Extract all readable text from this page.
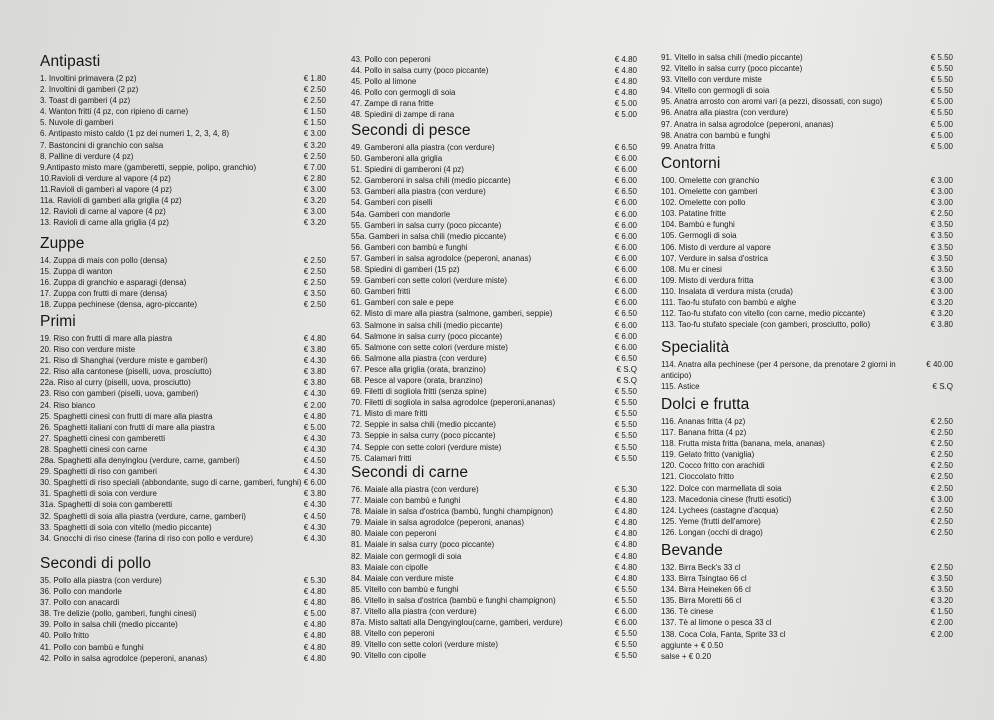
Antipasti
1. Involtini primavera (2 pz)	€ 1.80
2. Involtini di gamberi (2 pz)	€ 2.50
3. Toast di gamberi (4 pz)	€ 2.50
4. Wanton fritti (4 pz, con ripieno di carne)	€ 1.50
5. Nuvole di gamberi	€ 1.50
6. Antipasto misto caldo (1 pz dei numeri 1, 2, 3, 4, 8)	€ 3.00
7. Bastoncini di granchio con salsa	€ 3.20
8. Palline di verdure (4 pz)	€ 2.50
9.Antipasto misto mare (gamberetti, seppie, polipo, granchio)	€ 7.00
10.Ravioli di verdure al vapore (4 pz)	€ 2.80
11.Ravioli di gamberi al vapore (4 pz)	€ 3.00
11a. Ravioli di gamberi alla griglia (4 pz)	€ 3.20
12. Ravioli di carne al vapore (4 pz)	€ 3.00
13. Ravioli di carne alla griglia (4 pz)	€ 3.20
Zuppe
14. Zuppa di mais con pollo (densa)	€ 2.50
15. Zuppa di wanton	€ 2.50
16. Zuppa di granchio e asparagi (densa)	€ 2.50
17. Zuppa con frutti di mare (densa)	€ 3.50
18. Zuppa pechinese (densa, agro-piccante)	€ 2.50
Primi
19. Riso con frutti di mare alla piastra	€ 4.80
20. Riso con verdure miste	€ 3.80
21. Riso di Shanghai (verdure miste e gamberi)	€ 4.30
22. Riso alla cantonese (piselli, uova, prosciutto)	€ 3.80
22a. Riso al curry (piselli, uova, prosciutto)	€ 3.80
23. Riso con gamberi (piselli, uova, gamberi)	€ 4.30
24. Riso bianco	€ 2.00
25. Spaghetti cinesi con frutti di mare alla piastra	€ 4.80
26. Spaghetti italiani con frutti di mare alla piastra	€ 5.00
27. Spaghetti cinesi con gamberetti	€ 4.30
28. Spaghetti cinesi con carne	€ 4.30
28a. Spaghetti alla denyinglou (verdure, carne, gamberi)	€ 4.50
29. Spaghetti di riso con gamberi	€ 4.30
30. Spaghetti di riso speciali (abbondante, sugo di carne, gamberi, funghi) € 6.00
31. Spaghetti di soia con verdure	€ 3.80
31a. Spaghetti di soia con gamberetti	€ 4.30
32. Spaghetti di soia alla piastra (verdure, carne, gamberi)	€ 4.50
33. Spaghetti di soia con vitello (medio piccante)	€ 4.30
34. Gnocchi di riso cinese (farina di riso con pollo e verdure)	€ 4.30
Secondi di pollo
35. Pollo alla piastra (con verdure)	€ 5.30
36. Pollo con mandorle	€ 4.80
37. Pollo con anacardi	€ 4.80
38. Tre delizie (pollo, gamberi, funghi cinesi)	€ 5.00
39. Pollo in salsa chili (medio piccante)	€ 4.80
40. Pollo fritto	€ 4.80
41. Pollo con bambù e funghi	€ 4.80
42. Pollo in salsa agrodolce (peperoni, ananas)	€ 4.80
43. Pollo con peperoni	€ 4.80
44. Pollo in salsa curry (poco piccante)	€ 4.80
45. Pollo al limone	€ 4.80
46. Pollo con germogli di soia	€ 4.80
47. Zampe di rana fritte	€ 5.00
48. Spiedini di zampe di rana	€ 5.00
Secondi di pesce
49. Gamberoni alla piastra (con verdure)	€ 6.50
50. Gamberoni alla griglia	€ 6.00
51. Spiedini di gamberoni (4 pz)	€ 6.00
52. Gamberoni in salsa chili (medio piccante)	€ 6.00
53. Gamberi alla piastra (con verdure)	€ 6.50
54. Gamberi con piselli	€ 6.00
54a. Gamberi con mandorle	€ 6.00
55. Gamberi in salsa curry (poco piccante)	€ 6.00
55a. Gamberi in salsa chili (medio piccante)	€ 6.00
56. Gamberi con bambù e funghi	€ 6.00
57. Gamberi in salsa agrodolce (peperoni, ananas)	€ 6.00
58. Spiedini di gamberi (15 pz)	€ 6.00
59. Gamberi con sette colori (verdure miste)	€ 6.00
60. Gamberi fritti	€ 6.00
61. Gamberi con sale e pepe	€ 6.00
62. Misto di mare alla piastra (salmone, gamberi, seppie)	€ 6.50
63. Salmone in salsa chili (medio piccante)	€ 6.00
64. Salmone in salsa curry (poco piccante)	€ 6.00
65. Salmone con sette colori (verdure miste)	€ 6.00
66. Salmone alla piastra (con verdure)	€ 6.50
67. Pesce alla griglia (orata, branzino)	€ S.Q
68. Pesce al vapore (orata, branzino)	€ S.Q
69. Filetti di sogliola fritti (senza spine)	€ 5.50
70. Filetti di sogliola in salsa agrodolce (peperoni,ananas)	€ 5.50
71. Misto di mare fritti	€ 5.50
72. Seppie in salsa chili (medio piccante)	€ 5.50
73. Seppie in salsa curry (poco piccante)	€ 5.50
74. Seppie con sette colori (verdure miste)	€ 5.50
75. Calamari fritti	€ 5.50
Secondi di carne
76. Maiale alla piastra (con verdure)	€ 5.30
77. Maiale con bambù e funghi	€ 4.80
78. Maiale in salsa d'ostrica (bambù, funghi champignon)	€ 4.80
79. Maiale in salsa agrodolce (peperoni, ananas)	€ 4.80
80. Maiale con peperoni	€ 4.80
81. Maiale in salsa curry (poco piccante)	€ 4.80
82. Maiale con germogli di soia	€ 4.80
83. Maiale con cipolle	€ 4.80
84. Maiale con verdure miste	€ 4.80
85. Vitello con bambù e funghi	€ 5.50
86. Vitello in salsa d'ostrica (bambù e funghi champignon)	€ 5.50
87. Vitello alla piastra (con verdure)	€ 6.00
87a. Misto saltati alla Dengyinglou(carne, gamberi, verdure)	€ 6.00
88. Vitello con peperoni	€ 5.50
89. Vitello con sette colori (verdure miste)	€ 5.50
90. Vitello con cipolle	€ 5.50
91. Vitello in salsa chili (medio piccante)	€ 5.50
92. Vitello in salsa curry (poco piccante)	€ 5.50
93. Vitello con verdure miste	€ 5.50
94. Vitello con germogli di soia	€ 5.50
95. Anatra arrosto con aromi vari (a pezzi, disossati, con sugo)	€ 5.00
96. Anatra alla piastra (con verdure)	€ 5.50
97. Anatra in salsa agrodolce (peperoni, ananas)	€ 5.00
98. Anatra con bambù e funghi	€ 5.00
99. Anatra fritta	€ 5.00
Contorni
100. Omelette con granchio	€ 3.00
101. Omelette con gamberi	€ 3.00
102. Omelette con pollo	€ 3.00
103. Patatine fritte	€ 2.50
104. Bambù e funghi	€ 3.50
105. Germogli di soia	€ 3.50
106. Misto di verdure al vapore	€ 3.50
107. Verdure in salsa d'ostrica	€ 3.50
108. Mu er cinesi	€ 3.50
109. Misto di verdura fritta	€ 3.00
110. Insalata di verdura mista (cruda)	€ 3.00
111. Tao-fu stufato con bambù e alghe	€ 3.20
112. Tao-fu stufato con vitello (con carne, medio piccante)	€ 3.20
113. Tao-fu stufato speciale (con gamberi, prosciutto, pollo)	€ 3.80
Specialità
114. Anatra alla pechinese (per 4 persone, da prenotare 2 giorni in anticipo)
€ 40.00
115. Astice	€ S.Q
Dolci e frutta
116. Ananas fritta (4 pz)	€ 2.50
117. Banana fritta (4 pz)	€ 2.50
118. Frutta mista fritta (banana, mela, ananas)	€ 2.50
119. Gelato fritto (vaniglia)	€ 2.50
120. Cocco fritto con arachidi	€ 2.50
121. Cioccolato fritto	€ 2.50
122. Dolce con marmellata di soia	€ 2.50
123. Macedonia cinese (frutti esotici)	€ 3.00
124. Lychees (castagne d'acqua)	€ 2.50
125. Yeme (frutti dell'amore)	€ 2.50
126. Longan (occhi di drago)	€ 2.50
Bevande
132. Birra Beck's 33 cl	€ 2.50
133. Birra Tsingtao 66 cl	€ 3.50
134. Birra Heineken 66 cl	€ 3.50
135. Birra Moretti 66 cl	€ 3.20
136. Tè cinese	€ 1.50
137. Tè al limone o pesca 33 cl	€ 2.00
138. Coca Cola, Fanta, Sprite 33 cl	€ 2.00
aggiunte + € 0.50
salse + € 0.20
